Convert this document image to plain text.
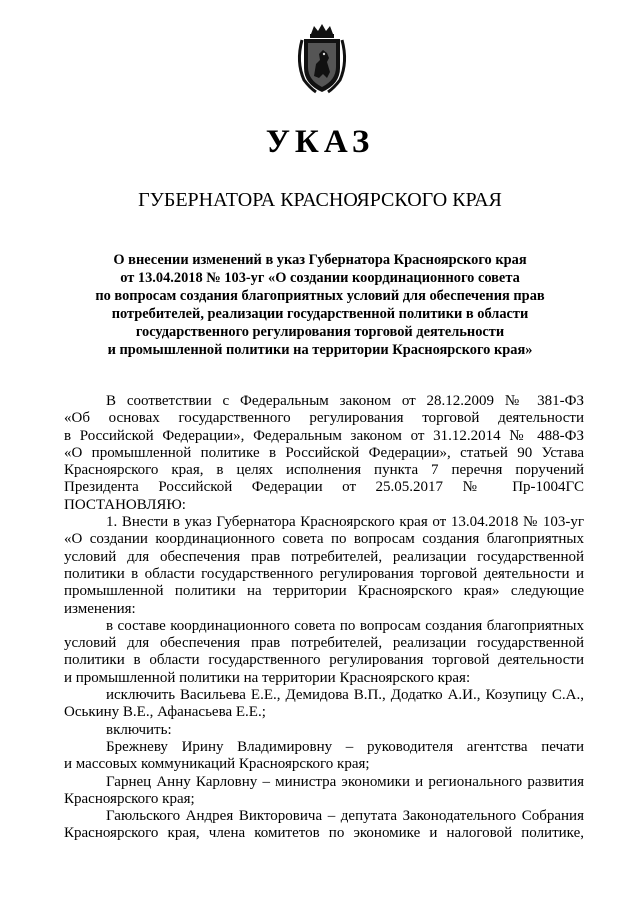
УКАЗ
ГУБЕРНАТОРА КРАСНОЯРСКОГО КРАЯ
О внесении изменений в указ Губернатора Красноярского края
от 13.04.2018 № 103-уг «О создании координационного совета
по вопросам создания благоприятных условий для обеспечения прав
потребителей, реализации государственной политики в области
государственного регулирования торговой деятельности
и промышленной политики на территории Красноярского края»
В соответствии с Федеральным законом от 28.12.2009 № 381-ФЗ
«Об основах государственного регулирования торговой деятельности
в Российской Федерации», Федеральным законом от 31.12.2014 № 488-ФЗ
«О промышленной политике в Российской Федерации», статьей 90 Устава
Красноярского края, в целях исполнения пункта 7 перечня поручений
Президента Российской Федерации от 25.05.2017 № Пр-1004ГС
ПОСТАНОВЛЯЮ:
1. Внести в указ Губернатора Красноярского края от 13.04.2018 № 103-уг
«О создании координационного совета по вопросам создания благоприятных
условий для обеспечения прав потребителей, реализации государственной
политики в области государственного регулирования торговой деятельности и
промышленной политики на территории Красноярского края» следующие
изменения:
в составе координационного совета по вопросам создания благоприятных
условий для обеспечения прав потребителей, реализации государственной
политики в области государственного регулирования торговой деятельности
и промышленной политики на территории Красноярского края:
исключить Васильева Е.Е., Демидова В.П., Додатко А.И., Козупицу С.А.,
Оськину В.Е., Афанасьева Е.Е.;
включить:
Брежневу Ирину Владимировну – руководителя агентства печати
и массовых коммуникаций Красноярского края;
Гарнец Анну Карловну – министра экономики и регионального развития
Красноярского края;
Гаюльского Андрея Викторовича – депутата Законодательного Собрания
Красноярского края, члена комитетов по экономике и налоговой политике,
